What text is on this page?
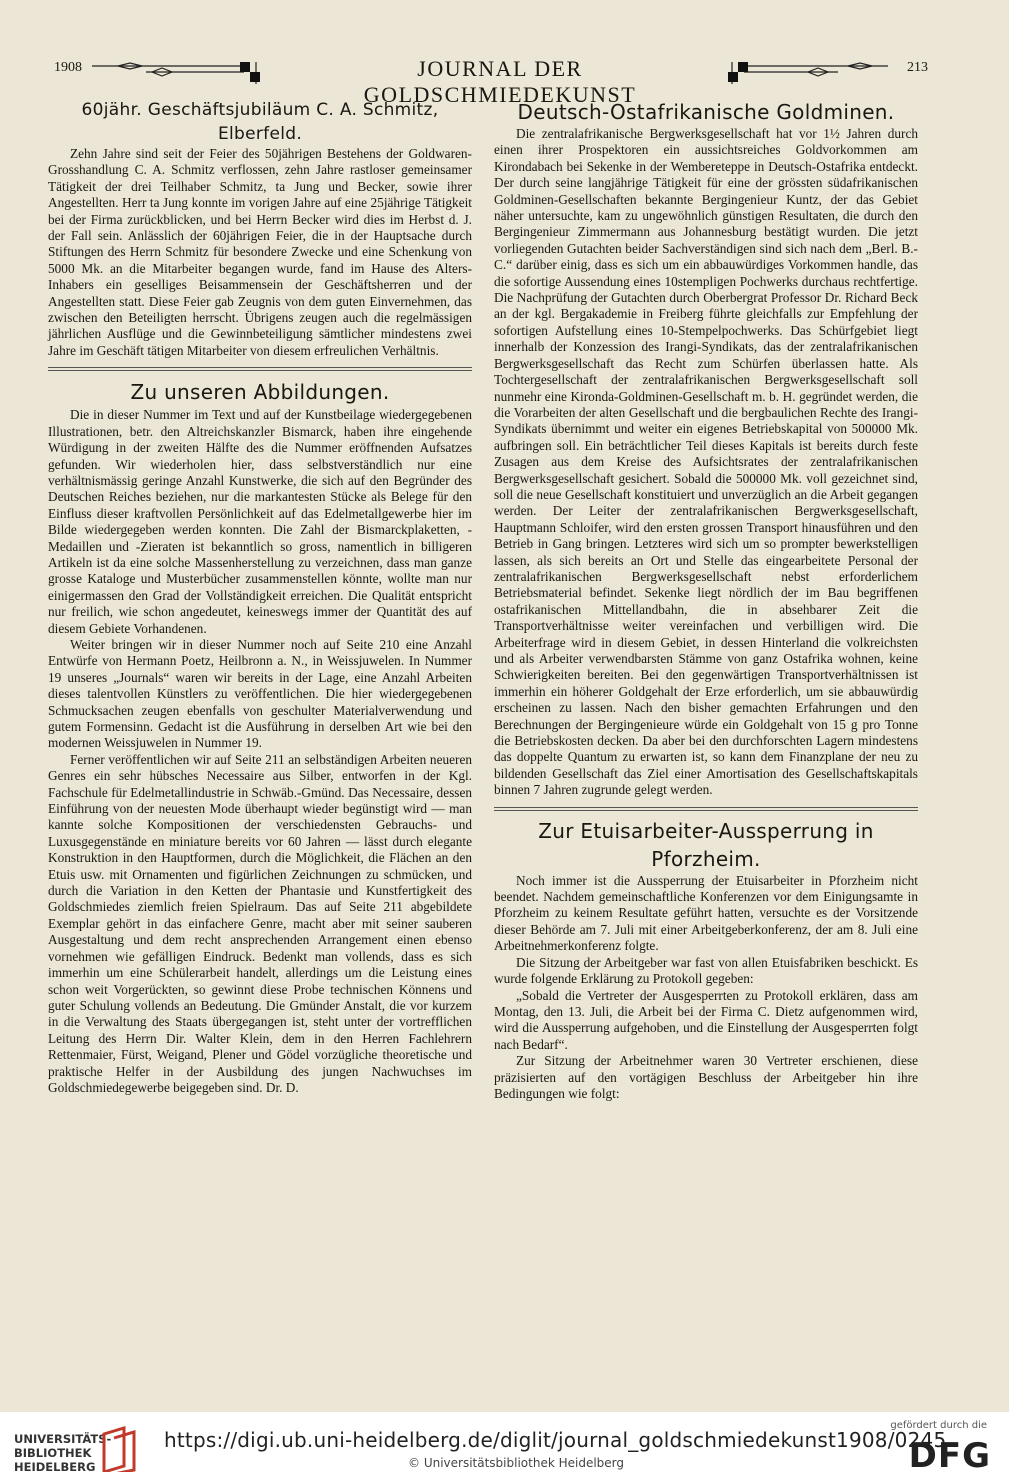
1908	JOURNAL DER GOLDSCHMIEDEKUNST
213
60jähr. Geschäftsjubiläum C. A. Schmitz, Elberfeld.

Zehn Jahre sind seit der Feier des 50jährigen Bestehens der Goldwaren-Grosshandlung C. A. Schmitz verflossen, zehn Jahre rastloser gemeinsamer Tätigkeit der drei Teilhaber Schmitz, ta Jung und Becker, sowie ihrer Angestellten. Herr ta Jung konnte im vorigen Jahre auf eine 25jährige Tätigkeit bei der Firma zurückblicken, und bei Herrn Becker wird dies im Herbst d. J. der Fall sein. Anlässlich der 60jährigen Feier, die in der Hauptsache durch Stiftungen des Herrn Schmitz für besondere Zwecke und eine Schenkung von 5000 Mk. an die Mitarbeiter begangen wurde, fand im Hause des Alters-Inhabers ein geselliges Beisammensein der Geschäftsherren und der Angestellten statt. Diese Feier gab Zeugnis von dem guten Einvernehmen, das zwischen den Beteiligten herrscht. Übrigens zeugen auch die regelmässigen jährlichen Ausflüge und die Gewinnbeteiligung sämtlicher mindestens zwei Jahre im Geschäft tätigen Mitarbeiter von diesem erfreulichen Verhältnis.

Zu unseren Abbildungen.

Die in dieser Nummer im Text und auf der Kunstbeilage wiedergegebenen Illustrationen, betr. den Altreichskanzler Bismarck, haben ihre eingehende Würdigung in der zweiten Hälfte des die Nummer eröffnenden Aufsatzes gefunden. Wir wiederholen hier, dass selbstverständlich nur eine verhältnismässig geringe Anzahl Kunstwerke, die sich auf den Begründer des Deutschen Reiches beziehen, nur die markantesten Stücke als Belege für den Einfluss dieser kraftvollen Persönlichkeit auf das Edelmetallgewerbe hier im Bilde wiedergegeben werden konnten. Die Zahl der Bismarckplaketten, -Medaillen und -Zieraten ist bekanntlich so gross, namentlich in billigeren Artikeln ist da eine solche Massenherstellung zu verzeichnen, dass man ganze grosse Kataloge und Musterbücher zusammenstellen könnte, wollte man nur einigermassen den Grad der Vollständigkeit erreichen. Die Qualität entspricht nur freilich, wie schon angedeutet, keineswegs immer der Quantität des auf diesem Gebiete Vorhandenen.

Weiter bringen wir in dieser Nummer noch auf Seite 210 eine Anzahl Entwürfe von Hermann Poetz, Heilbronn a. N., in Weissjuwelen. In Nummer 19 unseres „Journals“ waren wir bereits in der Lage, eine Anzahl Arbeiten dieses talentvollen Künstlers zu veröffentlichen. Die hier wiedergegebenen Schmucksachen zeugen ebenfalls von geschulter Materialverwendung und gutem Formensinn. Gedacht ist die Ausführung in derselben Art wie bei den modernen Weissjuwelen in Nummer 19.

Ferner veröffentlichen wir auf Seite 211 an selbständigen Arbeiten neueren Genres ein sehr hübsches Necessaire aus Silber, entworfen in der Kgl. Fachschule für Edelmetallindustrie in Schwäb.-Gmünd. Das Necessaire, dessen Einführung von der neuesten Mode überhaupt wieder begünstigt wird — man kannte solche Kompositionen der verschiedensten Gebrauchs- und Luxusgegenstände en miniature bereits vor 60 Jahren — lässt durch elegante Konstruktion in den Hauptformen, durch die Möglichkeit, die Flächen an den Etuis usw. mit Ornamenten und figürlichen Zeichnungen zu schmücken, und durch die Variation in den Ketten der Phantasie und Kunstfertigkeit des Goldschmiedes ziemlich freien Spielraum. Das auf Seite 211 abgebildete Exemplar gehört in das einfachere Genre, macht aber mit seiner sauberen Ausgestaltung und dem recht ansprechenden Arrangement einen ebenso vornehmen wie gefälligen Eindruck. Bedenkt man vollends, dass es sich immerhin um eine Schülerarbeit handelt, allerdings um die Leistung eines schon weit Vorgerückten, so gewinnt diese Probe technischen Könnens und guter Schulung vollends an Bedeutung. Die Gmünder Anstalt, die vor kurzem in die Verwaltung des Staats übergegangen ist, steht unter der vortrefflichen Leitung des Herrn Dir. Walter Klein, dem in den Herren Fachlehrern Rettenmaier, Fürst, Weigand, Plener und Gödel vorzügliche theoretische und praktische Helfer in der Ausbildung des jungen Nachwuchses im Goldschmiedegewerbe beigegeben sind. Dr. D.

Deutsch-Ostafrikanische Goldminen.

Die zentralafrikanische Bergwerksgesellschaft hat vor 1½ Jahren durch einen ihrer Prospektoren ein aussichtsreiches Goldvorkommen am Kirondabach bei Sekenke in der Wembereteppe in Deutsch-Ostafrika entdeckt. Der durch seine langjährige Tätigkeit für eine der grössten südafrikanischen Goldminen-Gesellschaften bekannte Bergingenieur Kuntz, der das Gebiet näher untersuchte, kam zu ungewöhnlich günstigen Resultaten, die durch den Bergingenieur Zimmermann aus Johannesburg bestätigt wurden. Die jetzt vorliegenden Gutachten beider Sachverständigen sind sich nach dem „Berl. B.-C.“ darüber einig, dass es sich um ein abbauwürdiges Vorkommen handle, das die sofortige Aussendung eines 10stempligen Pochwerks durchaus rechtfertige. Die Nachprüfung der Gutachten durch Oberbergrat Professor Dr. Richard Beck an der kgl. Bergakademie in Freiberg führte gleichfalls zur Empfehlung der sofortigen Aufstellung eines 10-Stempelpochwerks. Das Schürfgebiet liegt innerhalb der Konzession des Irangi-Syndikats, das der zentralafrikanischen Bergwerksgesellschaft das Recht zum Schürfen überlassen hatte. Als Tochtergesellschaft der zentralafrikanischen Bergwerksgesellschaft soll nunmehr eine Kironda-Goldminen-Gesellschaft m. b. H. gegründet werden, die die Vorarbeiten der alten Gesellschaft und die bergbaulichen Rechte des Irangi-Syndikats übernimmt und weiter ein eigenes Betriebskapital von 500000 Mk. aufbringen soll. Ein beträchtlicher Teil dieses Kapitals ist bereits durch feste Zusagen aus dem Kreise des Aufsichtsrates der zentralafrikanischen Bergwerksgesellschaft gesichert. Sobald die 500000 Mk. voll gezeichnet sind, soll die neue Gesellschaft konstituiert und unverzüglich an die Arbeit gegangen werden. Der Leiter der zentralafrikanischen Bergwerksgesellschaft, Hauptmann Schloifer, wird den ersten grossen Transport hinausführen und den Betrieb in Gang bringen. Letzteres wird sich um so prompter bewerkstelligen lassen, als sich bereits an Ort und Stelle das eingearbeitete Personal der zentralafrikanischen Bergwerksgesellschaft nebst erforderlichem Betriebsmaterial befindet. Sekenke liegt nördlich der im Bau begriffenen ostafrikanischen Mittellandbahn, die in absehbarer Zeit die Transportverhältnisse weiter vereinfachen und verbilligen wird. Die Arbeiterfrage wird in diesem Gebiet, in dessen Hinterland die volkreichsten und als Arbeiter verwendbarsten Stämme von ganz Ostafrika wohnen, keine Schwierigkeiten bereiten. Bei den gegenwärtigen Transportverhältnissen ist immerhin ein höherer Goldgehalt der Erze erforderlich, um sie abbauwürdig erscheinen zu lassen. Nach den bisher gemachten Erfahrungen und den Berechnungen der Bergingenieure würde ein Goldgehalt von 15 g pro Tonne die Betriebskosten decken. Da aber bei den durchforschten Lagern mindestens das doppelte Quantum zu erwarten ist, so kann dem Finanzplane der neu zu bildenden Gesellschaft das Ziel einer Amortisation des Gesellschaftskapitals binnen 7 Jahren zugrunde gelegt werden.

Zur Etuisarbeiter-Aussperrung in Pforzheim.

Noch immer ist die Aussperrung der Etuisarbeiter in Pforzheim nicht beendet. Nachdem gemeinschaftliche Konferenzen vor dem Einigungsamte in Pforzheim zu keinem Resultate geführt hatten, versuchte es der Vorsitzende dieser Behörde am 7. Juli mit einer Arbeitgeberkonferenz, der am 8. Juli eine Arbeitnehmerkonferenz folgte.

Die Sitzung der Arbeitgeber war fast von allen Etuisfabriken beschickt. Es wurde folgende Erklärung zu Protokoll gegeben:

„Sobald die Vertreter der Ausgesperrten zu Protokoll erklären, dass am Montag, den 13. Juli, die Arbeit bei der Firma C. Dietz aufgenommen wird, wird die Aussperrung aufgehoben, und die Einstellung der Ausgesperrten folgt nach Bedarf“.

Zur Sitzung der Arbeitnehmer waren 30 Vertreter erschienen, diese präzisierten auf den vortägigen Beschluss der Arbeitgeber hin ihre Bedingungen wie folgt:

UNIVERSITÄTS-
BIBLIOTHEK
HEIDELBERG
https://digi.ub.uni-heidelberg.de/diglit/journal_goldschmiedekunst1908/0245
© Universitätsbibliothek Heidelberg
gefördert durch die
DFG
